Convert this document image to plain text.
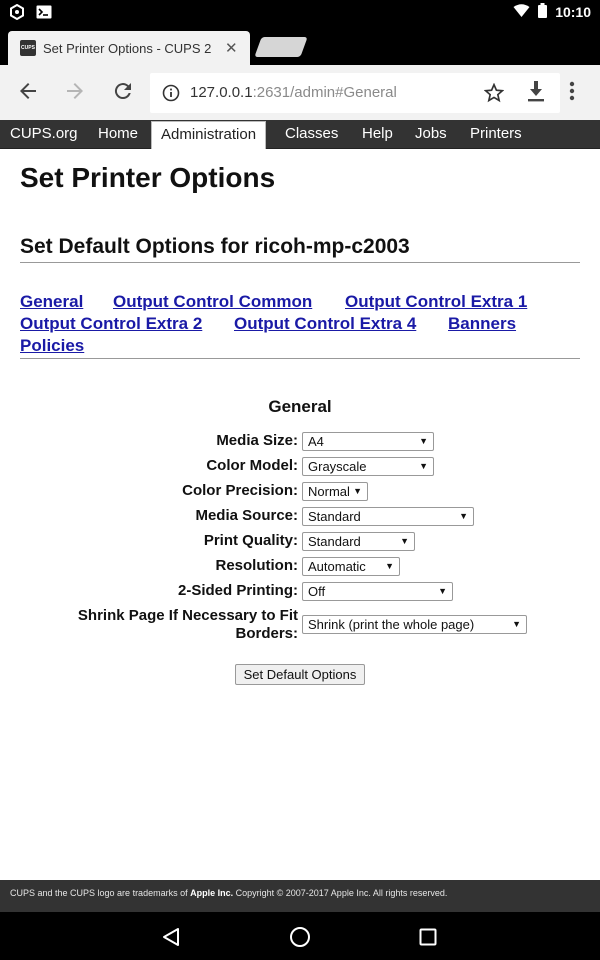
10:10
CUPS Set Printer Options - CUPS 2 ✕
127.0.0.1:2631/admin#General
CUPS.org Home	Administration	Classes Help Jobs Printers
Set Printer Options
Set Default Options for ricoh-mp-c2003
General Output Control Common Output Control Extra 1
Output Control Extra 2 Output Control Extra 4 Banners
Policies
General
Media Size: A4	▼
Color Model: Grayscale	▼
Color Precision: Normal ▼
Media Source: Standard	▼
Print Quality: Standard	▼
Resolution: Automatic ▼
2-Sided Printing: Off	▼
Shrink Page If Necessary to Fit
Borders:
Shrink (print the whole page)	▼
Set Default Options
CUPS and the CUPS logo are trademarks of Apple Inc. Copyright © 2007-2017 Apple Inc. All rights reserved.
